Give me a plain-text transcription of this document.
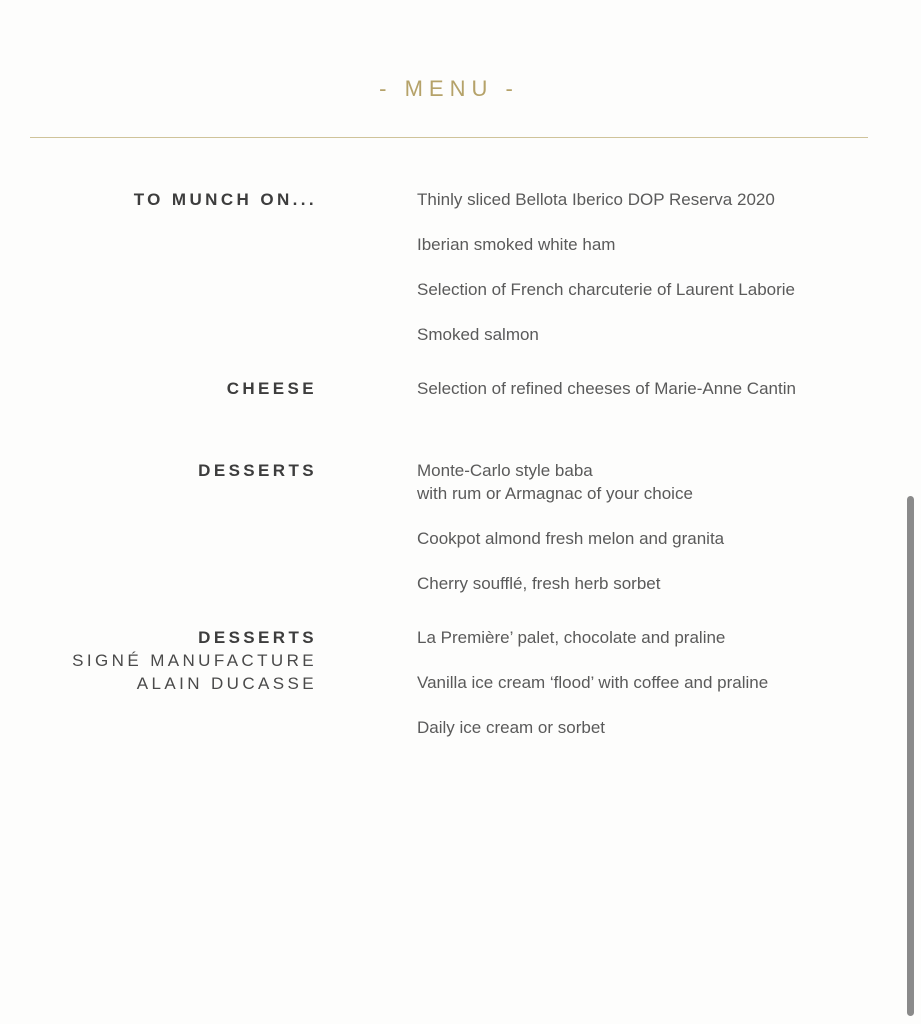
- MENU -
TO MUNCH ON...	Thinly sliced Bellota Iberico DOP Reserva 2020
Iberian smoked white ham
Selection of French charcuterie of Laurent Laborie
Smoked salmon
CHEESE	Selection of refined cheeses of Marie-Anne Cantin
DESSERTS	Monte-Carlo style baba
with rum or Armagnac of your choice
Cookpot almond fresh melon and granita
Cherry soufflé, fresh herb sorbet
DESSERTS
SIGNÉ MANUFACTURE
ALAIN DUCASSE
La Première’ palet, chocolate and praline
Vanilla ice cream ‘flood’ with coffee and praline
Daily ice cream or sorbet
